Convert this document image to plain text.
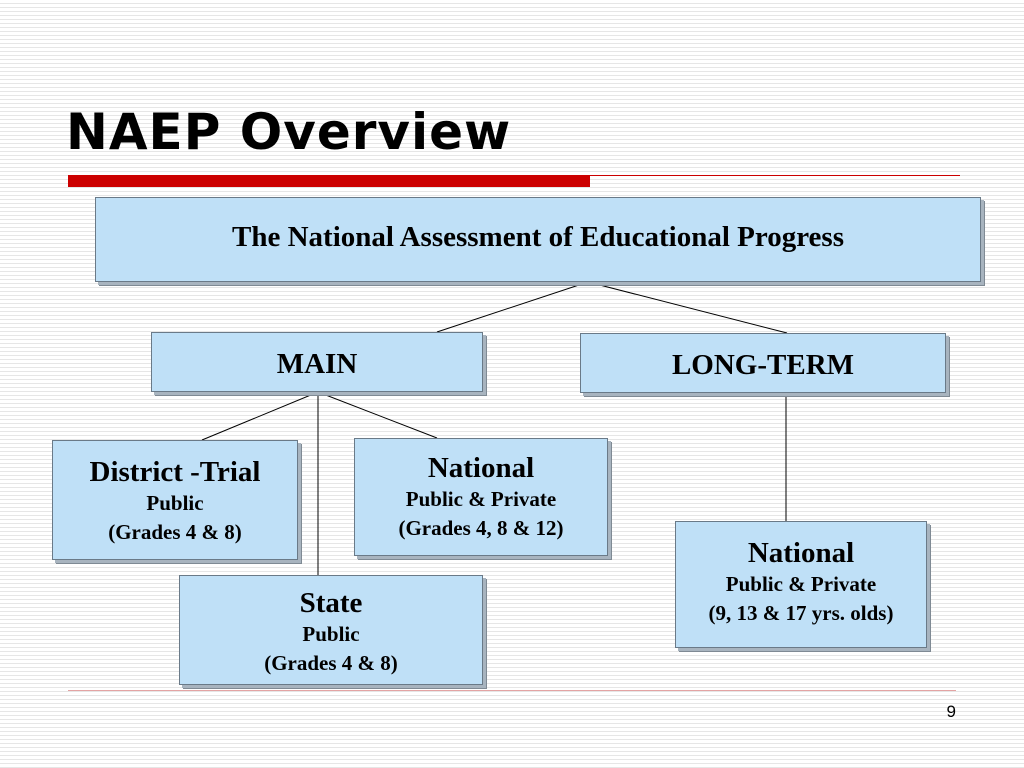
NAEP Overview
The National Assessment of Educational Progress
MAIN	LONG-TERM
District -Trial
Public
(Grades 4 & 8)
National
Public & Private
(Grades 4, 8 & 12)
State
Public
(Grades 4 & 8)
National
Public & Private
(9, 13 & 17 yrs. olds)
9
